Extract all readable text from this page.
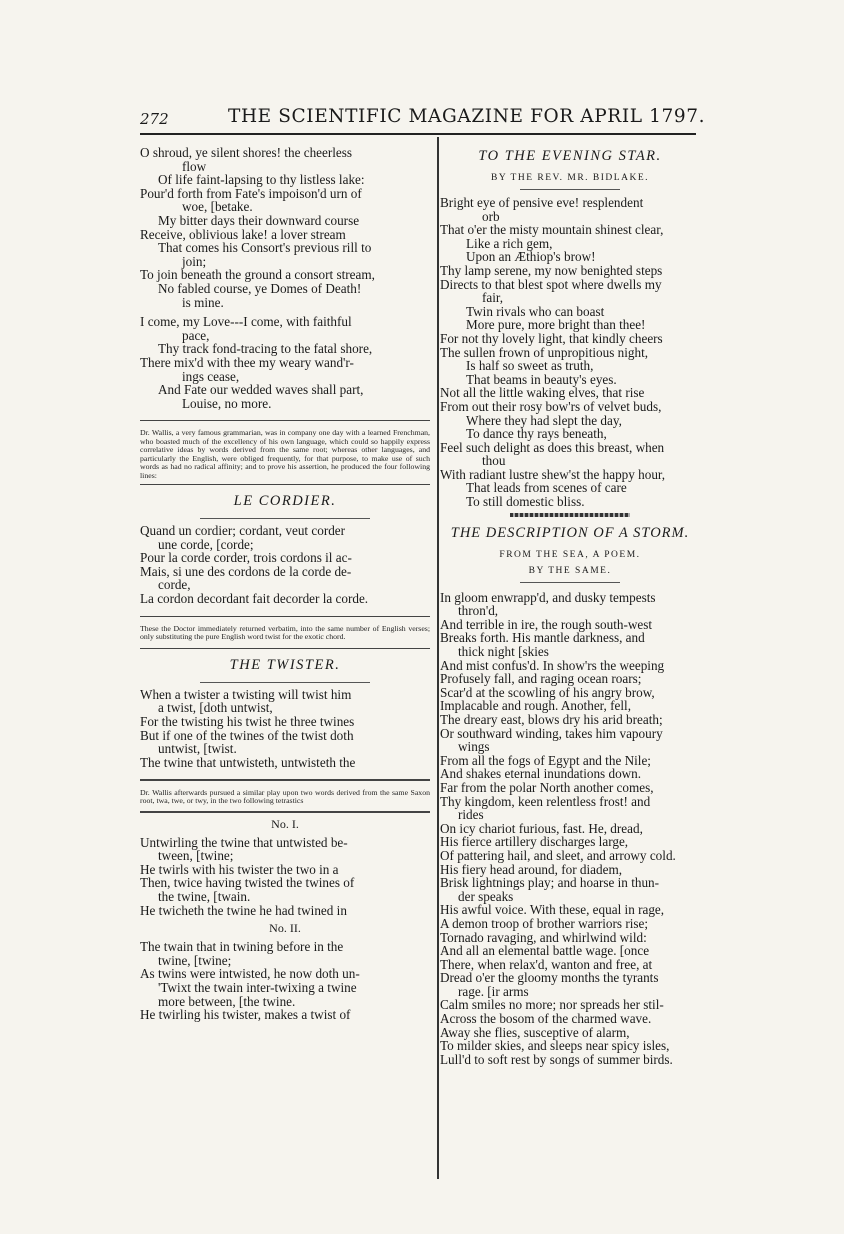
272	THE SCIENTIFIC MAGAZINE FOR APRIL 1797.
O shroud, ye silent shores! the cheerless
flow
Of life faint-lapsing to thy listless lake:
Pour'd forth from Fate's impoison'd urn of
woe, [betake.
My bitter days their downward course
Receive, oblivious lake! a lover stream
That comes his Consort's previous rill to
join;
To join beneath the ground a consort stream,
No fabled course, ye Domes of Death!
is mine.
I come, my Love---I come, with faithful
pace,
Thy track fond-tracing to the fatal shore,
There mix'd with thee my weary wand'r-
ings cease,
And Fate our wedded waves shall part,
Louise, no more.
Dr. Wallis, a very famous grammarian, was in company one day with a learned Frenchman, who boasted much of the excellency of his own language, which could so happily express correlative ideas by words derived from the same root; whereas other languages, and particularly the English, were obliged frequently, for that purpose, to make use of such words as had no radical affinity; and to prove his assertion, he produced the four following lines:
LE CORDIER.
Quand un cordier; cordant, veut corder
une corde, [corde;
Pour la corde corder, trois cordons il ac-
Mais, si une des cordons de la corde de-
corde,
La cordon decordant fait decorder la corde.
These the Doctor immediately returned verbatim, into the same number of English verses; only substituting the pure English word twist for the exotic chord.
THE TWISTER.
When a twister a twisting will twist him
a twist, [doth untwist,
For the twisting his twist he three twines
But if one of the twines of the twist doth
untwist, [twist.
The twine that untwisteth, untwisteth the
Dr. Wallis afterwards pursued a similar play upon two words derived from the same Saxon root, twa, twe, or twy, in the two following tetrastics
No. I.
Untwirling the twine that untwisted be-
tween, [twine;
He twirls with his twister the two in a
Then, twice having twisted the twines of
the twine, [twain.
He twicheth the twine he had twined in
No. II.
The twain that in twining before in the
twine, [twine;
As twins were intwisted, he now doth un-
'Twixt the twain inter-twixing a twine
more between, [the twine.
He twirling his twister, makes a twist of
TO THE EVENING STAR.
BY THE REV. MR. BIDLAKE.
Bright eye of pensive eve! resplendent
orb
That o'er the misty mountain shinest clear,
Like a rich gem,
Upon an Æthiop's brow!
Thy lamp serene, my now benighted steps
Directs to that blest spot where dwells my
fair,
Twin rivals who can boast
More pure, more bright than thee!
For not thy lovely light, that kindly cheers
The sullen frown of unpropitious night,
Is half so sweet as truth,
That beams in beauty's eyes.
Not all the little waking elves, that rise
From out their rosy bow'rs of velvet buds,
Where they had slept the day,
To dance thy rays beneath,
Feel such delight as does this breast, when
thou
With radiant lustre shew'st the happy hour,
That leads from scenes of care
To still domestic bliss.
THE DESCRIPTION OF A STORM.
FROM THE SEA, A POEM.
BY THE SAME.
In gloom enwrapp'd, and dusky tempests
thron'd,
And terrible in ire, the rough south-west
Breaks forth. His mantle darkness, and
thick night [skies
And mist confus'd. In show'rs the weeping
Profusely fall, and raging ocean roars;
Scar'd at the scowling of his angry brow,
Implacable and rough. Another, fell,
The dreary east, blows dry his arid breath;
Or southward winding, takes him vapoury
wings
From all the fogs of Egypt and the Nile;
And shakes eternal inundations down.
Far from the polar North another comes,
Thy kingdom, keen relentless frost! and
rides
On icy chariot furious, fast. He, dread,
His fierce artillery discharges large,
Of pattering hail, and sleet, and arrowy cold.
His fiery head around, for diadem,
Brisk lightnings play; and hoarse in thun-
der speaks
His awful voice. With these, equal in rage,
A demon troop of brother warriors rise;
Tornado ravaging, and whirlwind wild:
And all an elemental battle wage. [once
There, when relax'd, wanton and free, at
Dread o'er the gloomy months the tyrants
rage. [ir arms
Calm smiles no more; nor spreads her stil-
Across the bosom of the charmed wave.
Away she flies, susceptive of alarm,
To milder skies, and sleeps near spicy isles,
Lull'd to soft rest by songs of summer birds.
